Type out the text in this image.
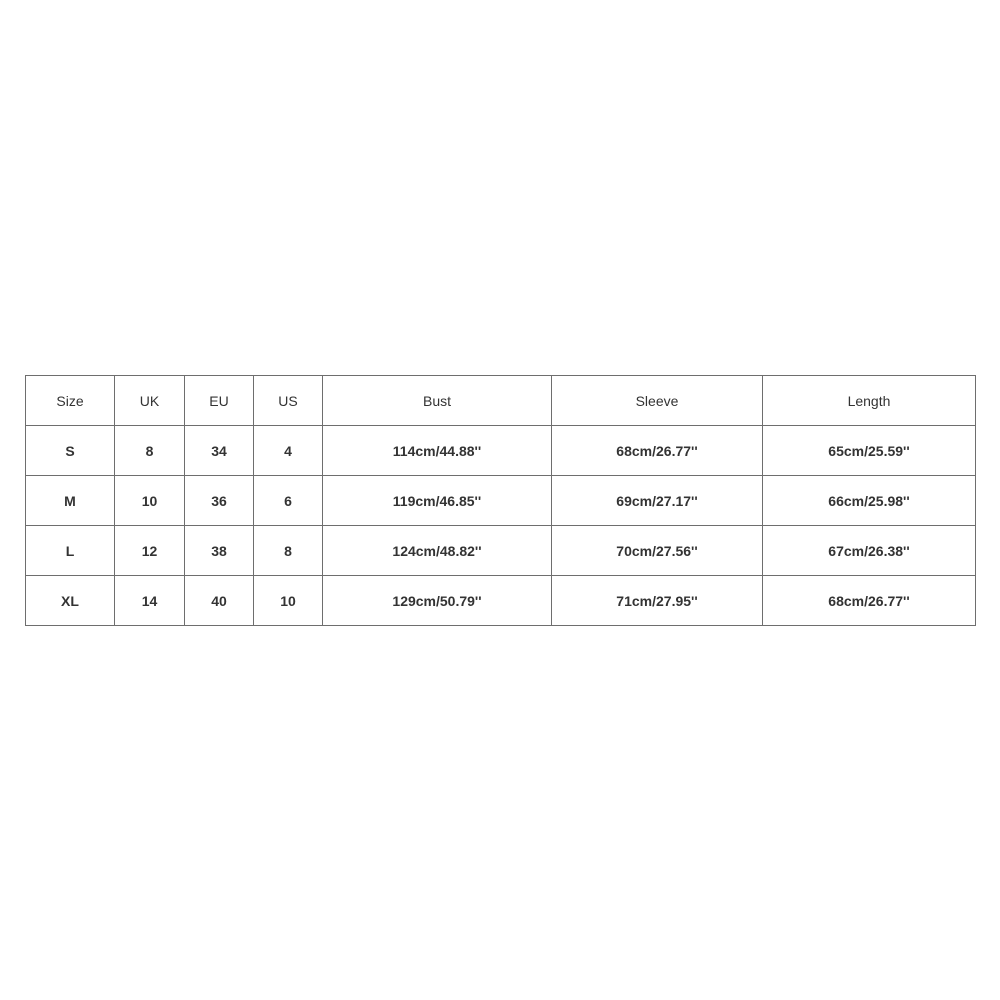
Size	UK	EU	US	Bust	Sleeve	Length
S	8	34	4	114cm/44.88''	68cm/26.77''	65cm/25.59''
M	10	36	6	119cm/46.85''	69cm/27.17''	66cm/25.98''
L	12	38	8	124cm/48.82''	70cm/27.56''	67cm/26.38''
XL	14	40	10	129cm/50.79''	71cm/27.95''	68cm/26.77''
